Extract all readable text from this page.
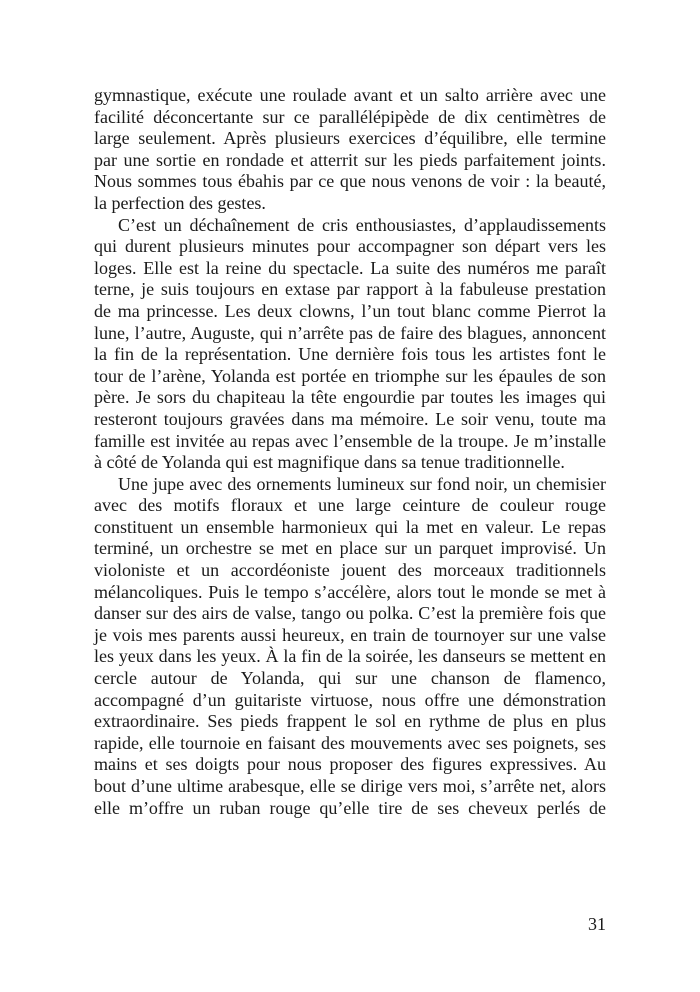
gymnastique, exécute une roulade avant et un salto arrière avec une
facilité déconcertante sur ce parallélépipède de dix centimètres de
large seulement. Après plusieurs exercices d’équilibre, elle termine
par une sortie en rondade et atterrit sur les pieds parfaitement joints.
Nous sommes tous ébahis par ce que nous venons de voir : la beauté,
la perfection des gestes.
C’est un déchaînement de cris enthousiastes, d’applaudissements
qui durent plusieurs minutes pour accompagner son départ vers les
loges. Elle est la reine du spectacle. La suite des numéros me paraît
terne, je suis toujours en extase par rapport à la fabuleuse prestation
de ma princesse. Les deux clowns, l’un tout blanc comme Pierrot la
lune, l’autre, Auguste, qui n’arrête pas de faire des blagues, annoncent
la fin de la représentation. Une dernière fois tous les artistes font le
tour de l’arène, Yolanda est portée en triomphe sur les épaules de son
père. Je sors du chapiteau la tête engourdie par toutes les images qui
resteront toujours gravées dans ma mémoire. Le soir venu, toute ma
famille est invitée au repas avec l’ensemble de la troupe. Je m’installe
à côté de Yolanda qui est magnifique dans sa tenue traditionnelle.
Une jupe avec des ornements lumineux sur fond noir, un chemisier
avec des motifs floraux et une large ceinture de couleur rouge
constituent un ensemble harmonieux qui la met en valeur. Le repas
terminé, un orchestre se met en place sur un parquet improvisé. Un
violoniste et un accordéoniste jouent des morceaux traditionnels
mélancoliques. Puis le tempo s’accélère, alors tout le monde se met à
danser sur des airs de valse, tango ou polka. C’est la première fois que
je vois mes parents aussi heureux, en train de tournoyer sur une valse
les yeux dans les yeux. À la fin de la soirée, les danseurs se mettent en
cercle autour de Yolanda, qui sur une chanson de flamenco,
accompagné d’un guitariste virtuose, nous offre une démonstration
extraordinaire. Ses pieds frappent le sol en rythme de plus en plus
rapide, elle tournoie en faisant des mouvements avec ses poignets, ses
mains et ses doigts pour nous proposer des figures expressives. Au
bout d’une ultime arabesque, elle se dirige vers moi, s’arrête net, alors
elle m’offre un ruban rouge qu’elle tire de ses cheveux perlés de
31
